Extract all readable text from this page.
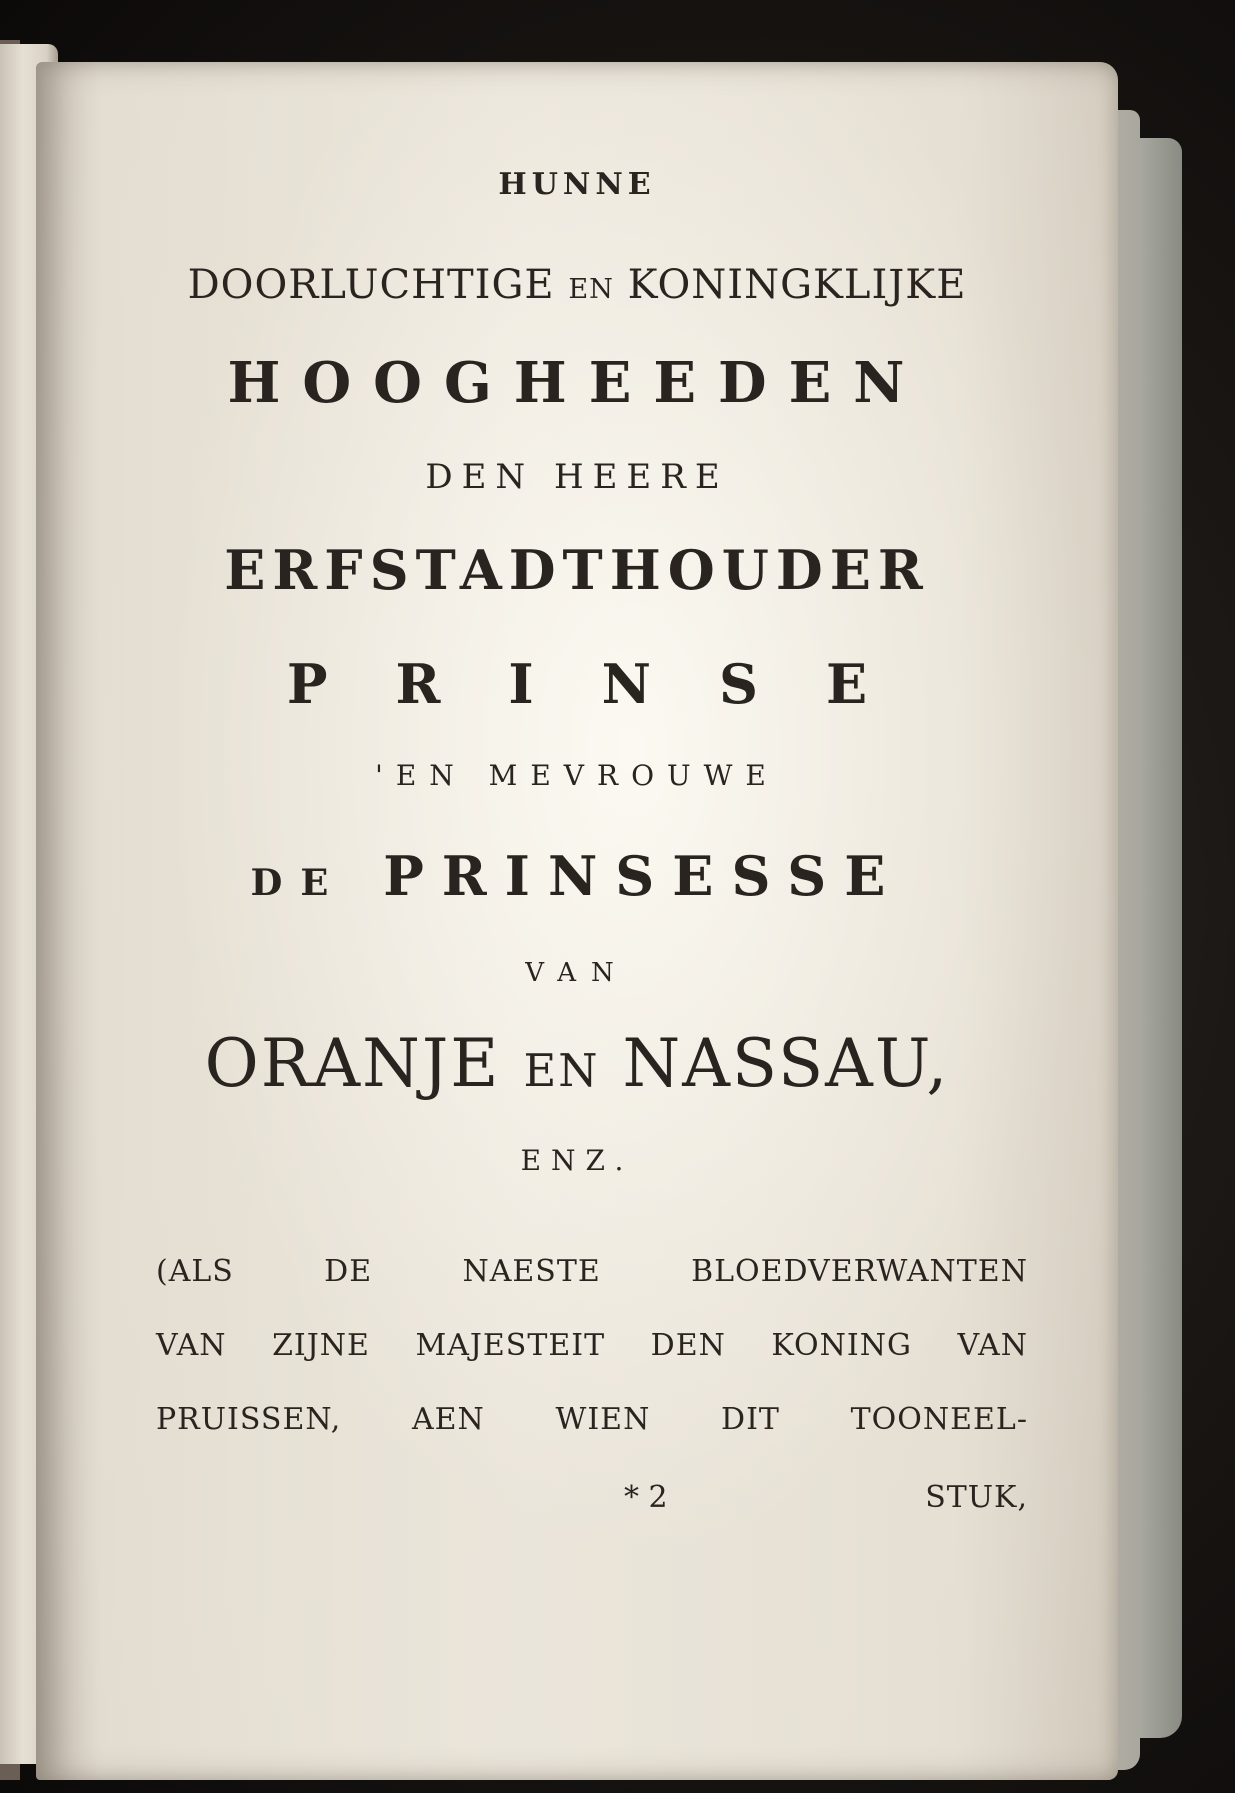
HUNNE
DOORLUCHTIGE EN KONINGKLIJKE
HOOGHEEDEN
DEN HEERE
ERFSTADTHOUDER
PRINSE
'EN MEVROUWE
DE PRINSESSE
VAN
ORANJE EN NASSAU,
ENZ.
(ALS	DE	NAESTE	BLOEDVERWANTEN
VAN ZIJNE MAJESTEIT DEN KONING VAN
PRUISSEN, AEN WIEN DIT TOONEEL-
* 2	STUK,
